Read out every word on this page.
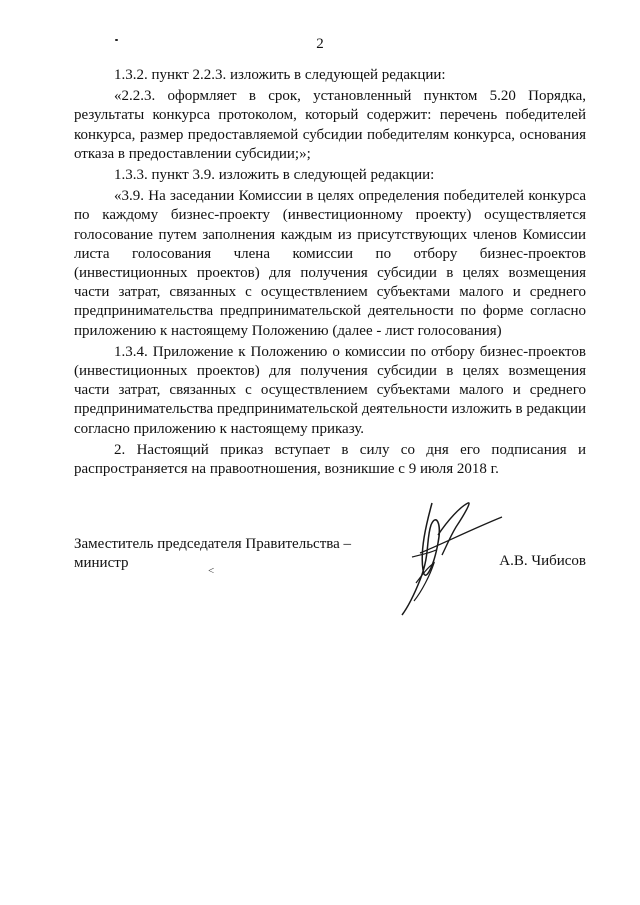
2

1.3.2. пункт 2.2.3. изложить в следующей редакции:

«2.2.3. оформляет в срок, установленный пунктом 5.20 Порядка, результаты конкурса протоколом, который содержит: перечень победителей конкурса, размер предоставляемой субсидии победителям конкурса, основания отказа в предоставлении субсидии;»;

1.3.3. пункт 3.9. изложить в следующей редакции:

«3.9. На заседании Комиссии в целях определения победителей конкурса по каждому бизнес-проекту (инвестиционному проекту) осуществляется голосование путем заполнения каждым из присутствующих членов Комиссии листа голосования члена комиссии по отбору бизнес-проектов (инвестиционных проектов) для получения субсидии в целях возмещения части затрат, связанных с осуществлением субъектами малого и среднего предпринимательства предпринимательской деятельности по форме согласно приложению к настоящему Положению (далее - лист голосования)

1.3.4. Приложение к Положению о комиссии по отбору бизнес-проектов (инвестиционных проектов) для получения субсидии в целях возмещения части затрат, связанных с осуществлением субъектами малого и среднего предпринимательства предпринимательской деятельности изложить в редакции согласно приложению к настоящему приказу.

2. Настоящий приказ вступает в силу со дня его подписания и распространяется на правоотношения, возникшие с 9 июля 2018 г.

Заместитель председателя Правительства – министр	А.В. Чибисов
<
